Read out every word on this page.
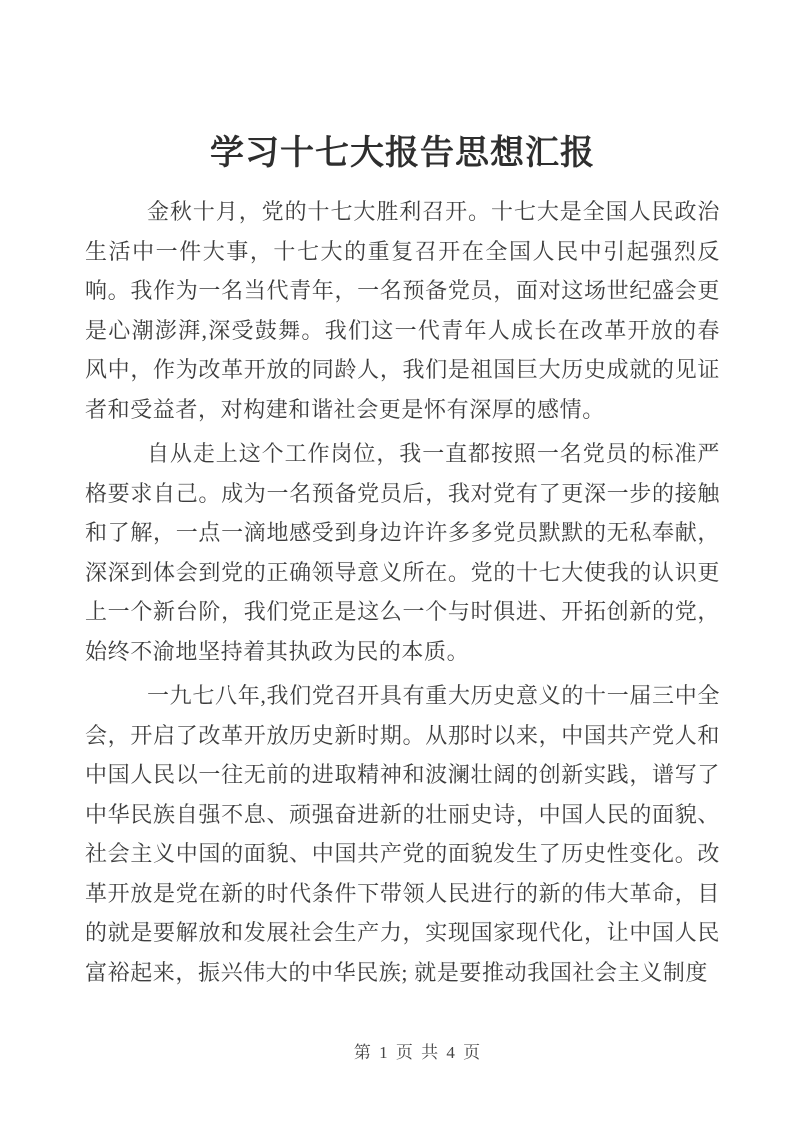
学习十七大报告思想汇报

金秋十月，党的十七大胜利召开。十七大是全国人民政治生活中一件大事，十七大的重复召开在全国人民中引起强烈反响。我作为一名当代青年，一名预备党员，面对这场世纪盛会更是心潮澎湃,深受鼓舞。我们这一代青年人成长在改革开放的春风中，作为改革开放的同龄人，我们是祖国巨大历史成就的见证者和受益者，对构建和谐社会更是怀有深厚的感情。

自从走上这个工作岗位，我一直都按照一名党员的标准严格要求自己。成为一名预备党员后，我对党有了更深一步的接触和了解，一点一滴地感受到身边许许多多党员默默的无私奉献，深深到体会到党的正确领导意义所在。党的十七大使我的认识更上一个新台阶，我们党正是这么一个与时俱进、开拓创新的党，始终不渝地坚持着其执政为民的本质。

一九七八年,我们党召开具有重大历史意义的十一届三中全会，开启了改革开放历史新时期。从那时以来，中国共产党人和中国人民以一往无前的进取精神和波澜壮阔的创新实践，谱写了中华民族自强不息、顽强奋进新的壮丽史诗，中国人民的面貌、社会主义中国的面貌、中国共产党的面貌发生了历史性变化。改革开放是党在新的时代条件下带领人民进行的新的伟大革命，目的就是要解放和发展社会生产力，实现国家现代化，让中国人民富裕起来，振兴伟大的中华民族; 就是要推动我国社会主义制度

第 1 页 共 4 页
